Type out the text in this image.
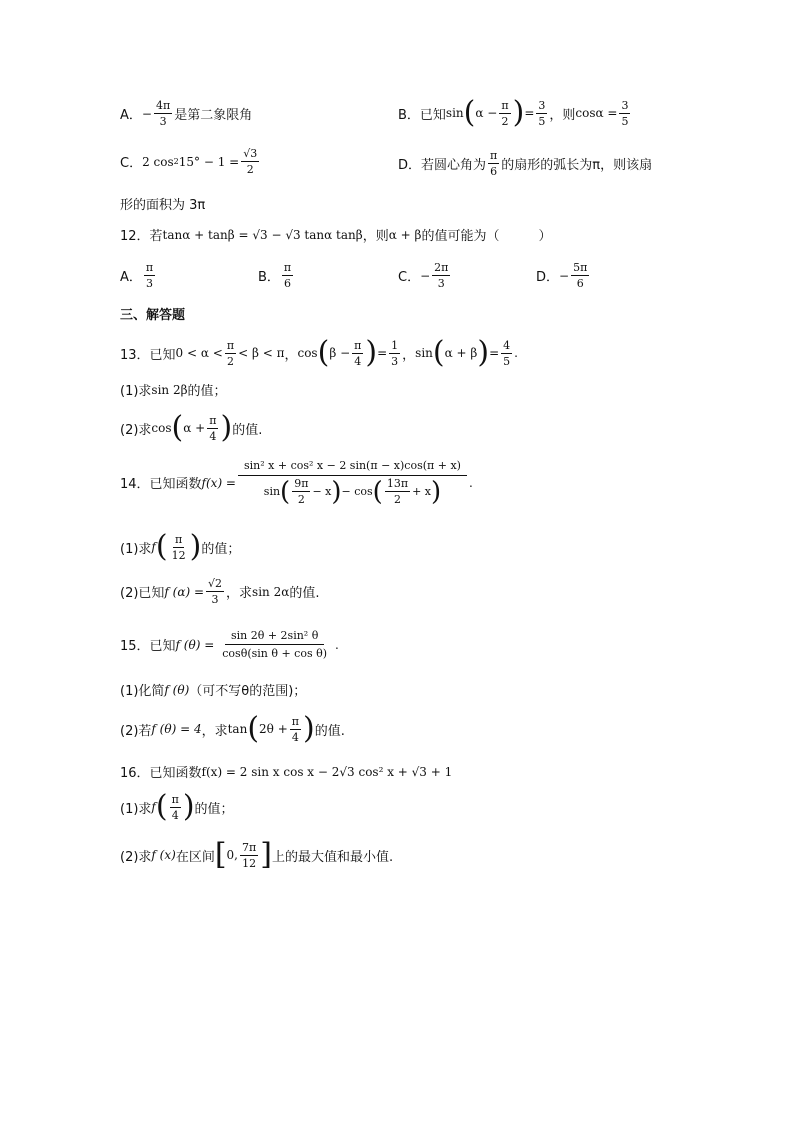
A． − $\frac{4\pi}{3}$ 是第二象限角	B．已知 sin ( $\alpha - \frac{\pi}{2}$ ) = $\frac{3}{5}$ ，则 $\cos\alpha = \frac{3}{5}$
C． 2 cos 2 $15^\circ - 1 = \frac{√3}{2}$	D．若圆心角为 $\frac{\pi}{6}$ 的扇形的弧长为π，则该扇
形的面积为 3π
12．若 tanα + tanβ = √3 − √3 tanα tanβ ，则 α + β 的值可能为（　　　）
A． $\frac{\pi}{3}$	B． $\frac{\pi}{6}$	C． − $\frac{2\pi}{3}$	D． − $\frac{5\pi}{6}$
三、解答题
13．已知 $0 < \alpha < \frac{\pi}{2} < \beta < \pi$ ， cos ( $\beta - \frac{\pi}{4}$ ) = $\frac{1}{3}$ ， sin ( α + β ) = $\frac{4}{5}$ .
(1)求 sin 2β 的值；
(2)求 cos ( $\alpha + \frac{\pi}{4}$ ) 的值.
14．已知函数 f(x) =
sin² x + cos² x − 2 sin(π − x)cos(π + x)
sin ( $\frac{9\pi}{2} - x$ ) − cos ( $\frac{13\pi}{2} + x$ ) .
(1)求 f ( $\frac{\pi}{12}$ ) 的值；
(2)已知 f $(\alpha) = \frac{√2}{3}$ ，求 sin 2α 的值.
15．已知 f $(\theta) = \frac{\text{sin 2θ + 2sin² θ}}{\text{cosθ(sin θ + cos θ)}}$ .
(1)化简 f (θ) （可不写θ的范围)；
(2)若 f (θ) = 4 ，求 tan ( $2\theta + \frac{\pi}{4}$ ) 的值.
16．已知函数 f(x) = 2 sin x cos x − 2√3 cos² x + √3 + 1
(1)求 f ( $\frac{\pi}{4}$ ) 的值；
(2)求 f (x) 在区间 [ 0, $\frac{7\pi}{12}$ ] 上的最大值和最小值.
